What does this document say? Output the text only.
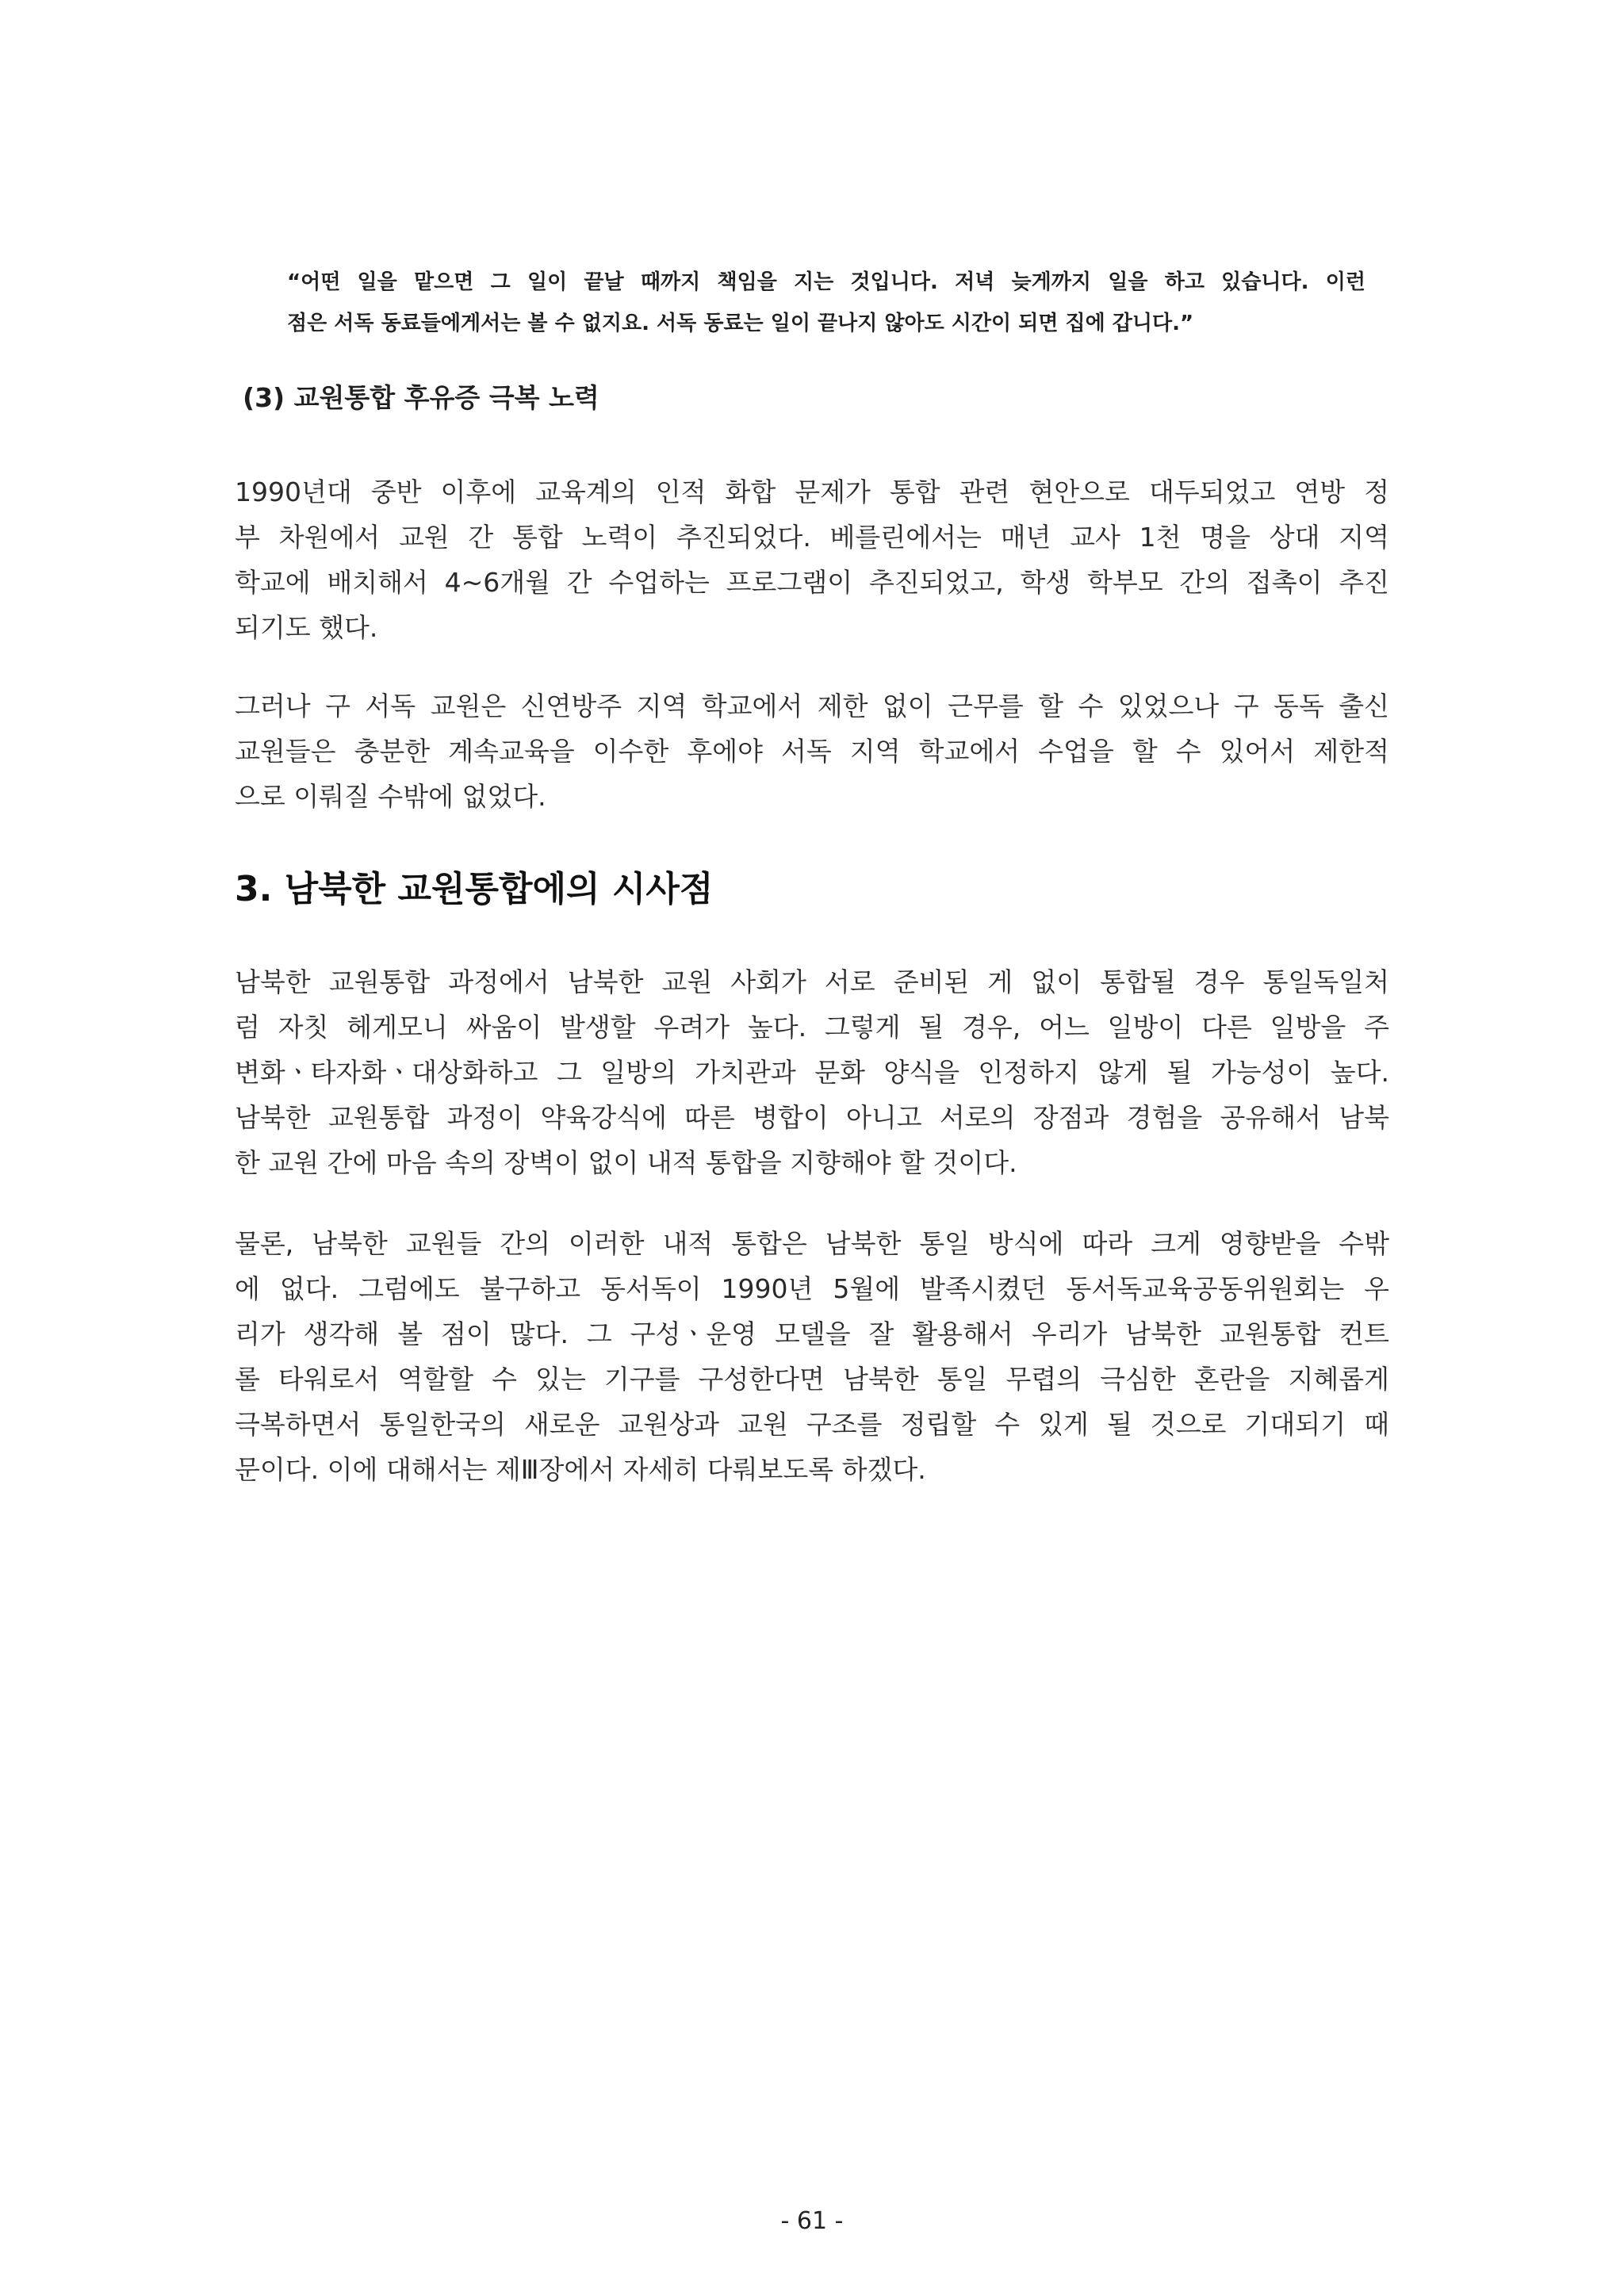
“어떤 일을 맡으면 그 일이 끝날 때까지 책임을 지는 것입니다. 저녁 늦게까지 일을 하고 있습니다. 이런

점은 서독 동료들에게서는 볼 수 없지요. 서독 동료는 일이 끝나지 않아도 시간이 되면 집에 갑니다.”

(3) 교원통합 후유증 극복 노력
1990년대 중반 이후에 교육계의 인적 화합 문제가 통합 관련 현안으로 대두되었고 연방 정
부 차원에서 교원 간 통합 노력이 추진되었다. 베를린에서는 매년 교사 1천 명을 상대 지역
학교에 배치해서 4~6개월 간 수업하는 프로그램이 추진되었고, 학생 학부모 간의 접촉이 추진
되기도 했다.
그러나 구 서독 교원은 신연방주 지역 학교에서 제한 없이 근무를 할 수 있었으나 구 동독 출신
교원들은 충분한 계속교육을 이수한 후에야 서독 지역 학교에서 수업을 할 수 있어서 제한적
으로 이뤄질 수밖에 없었다.
3. 남북한 교원통합에의 시사점
남북한 교원통합 과정에서 남북한 교원 사회가 서로 준비된 게 없이 통합될 경우 통일독일처
럼 자칫 헤게모니 싸움이 발생할 우려가 높다. 그렇게 될 경우, 어느 일방이 다른 일방을 주
변화ㆍ타자화ㆍ대상화하고 그 일방의 가치관과 문화 양식을 인정하지 않게 될 가능성이 높다.
남북한 교원통합 과정이 약육강식에 따른 병합이 아니고 서로의 장점과 경험을 공유해서 남북
한 교원 간에 마음 속의 장벽이 없이 내적 통합을 지향해야 할 것이다.
물론, 남북한 교원들 간의 이러한 내적 통합은 남북한 통일 방식에 따라 크게 영향받을 수밖
에 없다. 그럼에도 불구하고 동서독이 1990년 5월에 발족시켰던 동서독교육공동위원회는 우
리가 생각해 볼 점이 많다. 그 구성ㆍ운영 모델을 잘 활용해서 우리가 남북한 교원통합 컨트
롤 타워로서 역할할 수 있는 기구를 구성한다면 남북한 통일 무렵의 극심한 혼란을 지혜롭게
극복하면서 통일한국의 새로운 교원상과 교원 구조를 정립할 수 있게 될 것으로 기대되기 때
문이다. 이에 대해서는 제Ⅲ장에서 자세히 다뤄보도록 하겠다.
- 61 -
